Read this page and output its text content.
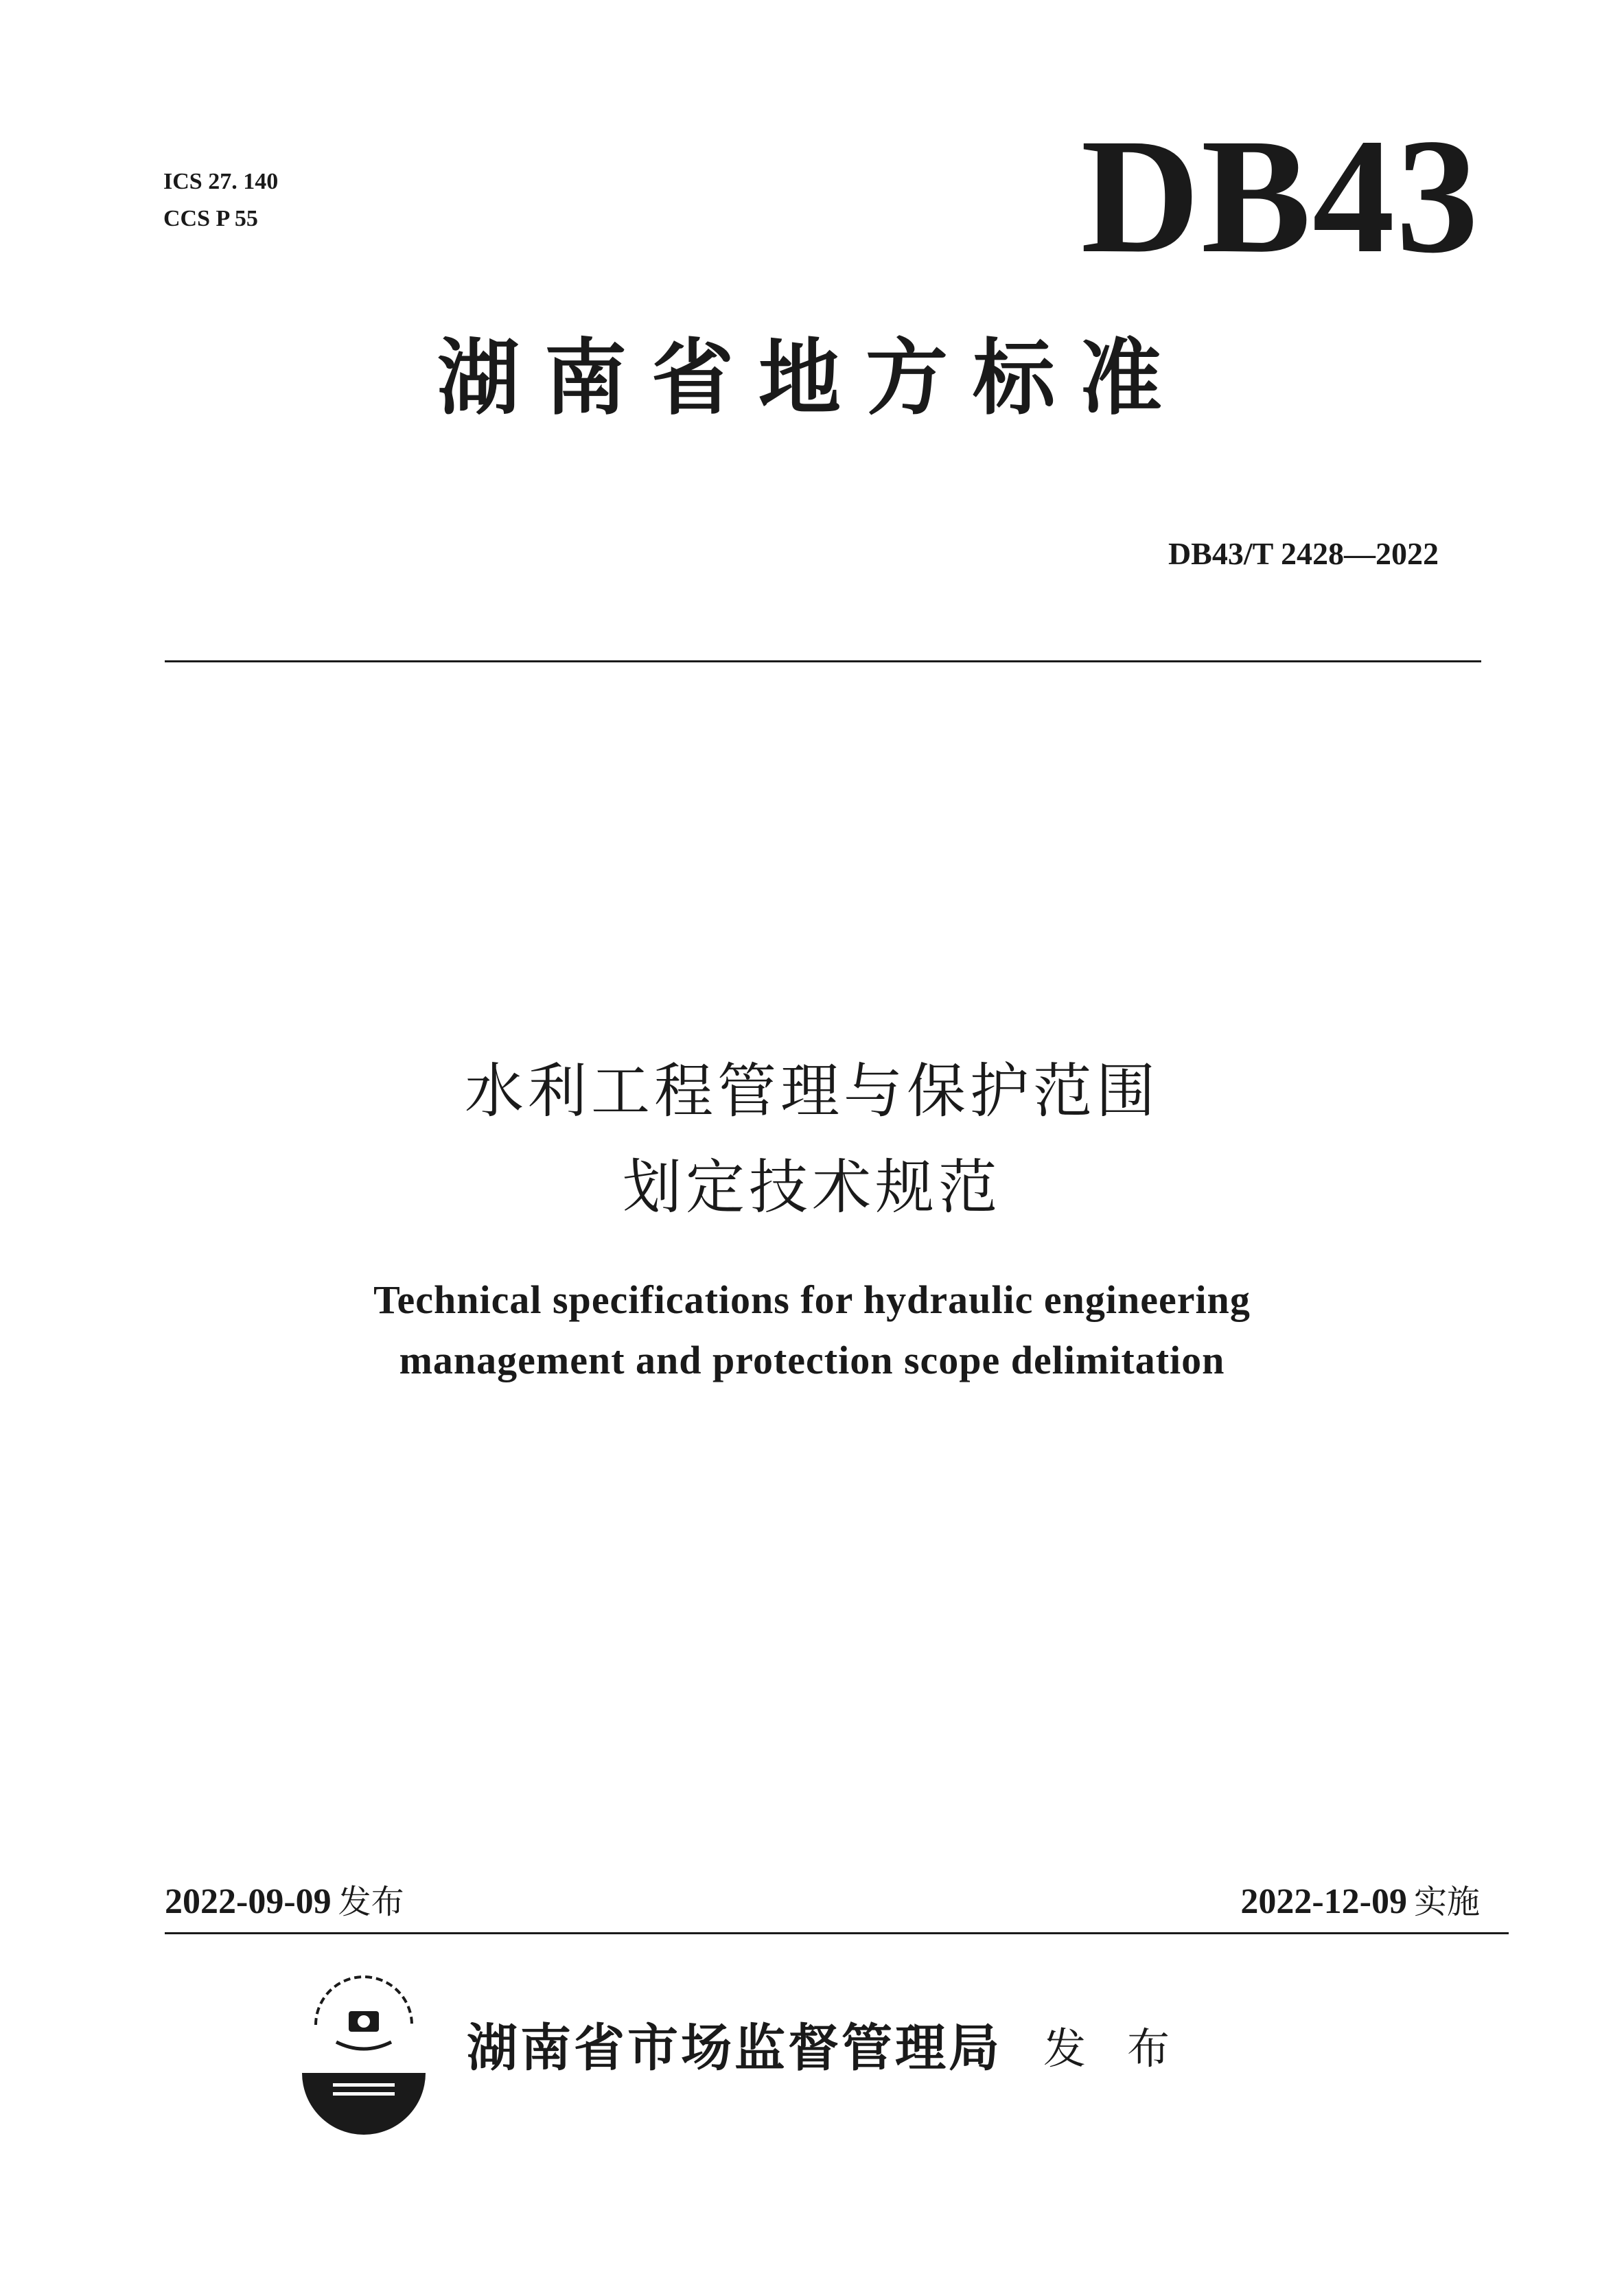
ICS 27. 140
CCS P 55	DB43
湖南省地方标准
DB43/T 2428—2022
水利工程管理与保护范围
划定技术规范
Technical specifications for hydraulic engineering
management and protection scope delimitation
2022-09-09 发布	2022-12-09 实施
湖南省市场监督管理局 发布
